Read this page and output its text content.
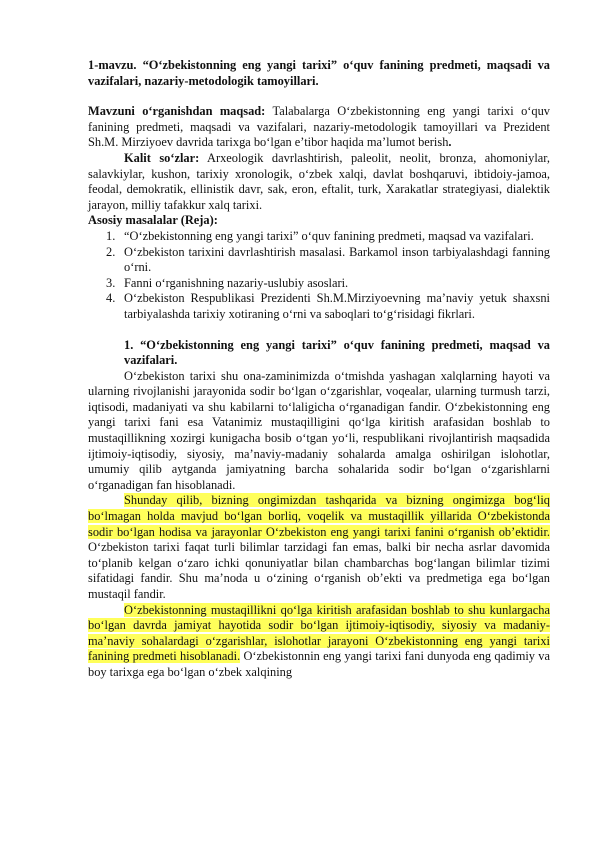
1-mavzu. “O‘zbekistonning eng yangi tarixi” o‘quv fanining predmeti, maqsadi va vazifalari, nazariy-metodologik tamoyillari.

Mavzuni o‘rganishdan maqsad: Talabalarga O‘zbekistonning eng yangi tarixi o‘quv fanining predmeti, maqsadi va vazifalari, nazariy-metodologik tamoyillari va Prezident Sh.M. Mirziyoev davrida tarixga bo‘lgan e’tibor haqida ma’lumot berish.

Kalit so‘zlar: Arxeologik davrlashtirish, paleolit, neolit, bronza, ahomoniylar, salavkiylar, kushon, tarixiy xronologik, o‘zbek xalqi, davlat boshqaruvi, ibtidoiy-jamoa, feodal, demokratik, ellinistik davr, sak, eron, eftalit, turk, Xarakatlar strategiyasi, dialektik jarayon, milliy tafakkur xalq tarixi.

Asosiy masalalar (Reja):

1. “O‘zbekistonning eng yangi tarixi” o‘quv fanining predmeti, maqsad va vazifalari.
2. O‘zbekiston tarixini davrlashtirish masalasi. Barkamol inson tarbiyalashdagi fanning o‘rni.
3. Fanni o‘rganishning nazariy-uslubiy asoslari.
4. O‘zbekiston Respublikasi Prezidenti Sh.M.Mirziyoevning ma’naviy yetuk shaxsni tarbiyalashda tarixiy xotiraning o‘rni va saboqlari to‘g‘risidagi fikrlari.

1. “O‘zbekistonning eng yangi tarixi” o‘quv fanining predmeti, maqsad va vazifalari.

O‘zbekiston tarixi shu ona-zaminimizda o‘tmishda yashagan xalqlarning hayoti va ularning rivojlanishi jarayonida sodir bo‘lgan o‘zgarishlar, voqealar, ularning turmush tarzi, iqtisodi, madaniyati va shu kabilarni to‘laligicha o‘rganadigan fandir. O‘zbekistonning eng yangi tarixi fani esa Vatanimiz mustaqilligini qo‘lga kiritish arafasidan boshlab to mustaqillikning xozirgi kunigacha bosib o‘tgan yo‘li, respublikani rivojlantirish maqsadida ijtimoiy-iqtisodiy, siyosiy, ma’naviy-madaniy sohalarda amalga oshirilgan islohotlar, umumiy qilib aytganda jamiyatning barcha sohalarida sodir bo‘lgan o‘zgarishlarni o‘rganadigan fan hisoblanadi.

Shunday qilib, bizning ongimizdan tashqarida va bizning ongimizga bog‘liq bo‘lmagan holda mavjud bo‘lgan borliq, voqelik va mustaqillik yillarida O‘zbekistonda sodir bo‘lgan hodisa va jarayonlar O‘zbekiston eng yangi tarixi fanini o‘rganish ob’ektidir. O‘zbekiston tarixi faqat turli bilimlar tarzidagi fan emas, balki bir necha asrlar davomida to‘planib kelgan o‘zaro ichki qonuniyatlar bilan chambarchas bog‘langan bilimlar tizimi sifatidagi fandir. Shu ma’noda u o‘zining o‘rganish ob’ekti va predmetiga ega bo‘lgan mustaqil fandir.

O‘zbekistonning mustaqillikni qo‘lga kiritish arafasidan boshlab to shu kunlargacha bo‘lgan davrda jamiyat hayotida sodir bo‘lgan ijtimoiy-iqtisodiy, siyosiy va madaniy-ma’naviy sohalardagi o‘zgarishlar, islohotlar jarayoni O‘zbekistonning eng yangi tarixi fanining predmeti hisoblanadi. O‘zbekistonnin eng yangi tarixi fani dunyoda eng qadimiy va boy tarixga ega bo‘lgan o‘zbek xalqining
